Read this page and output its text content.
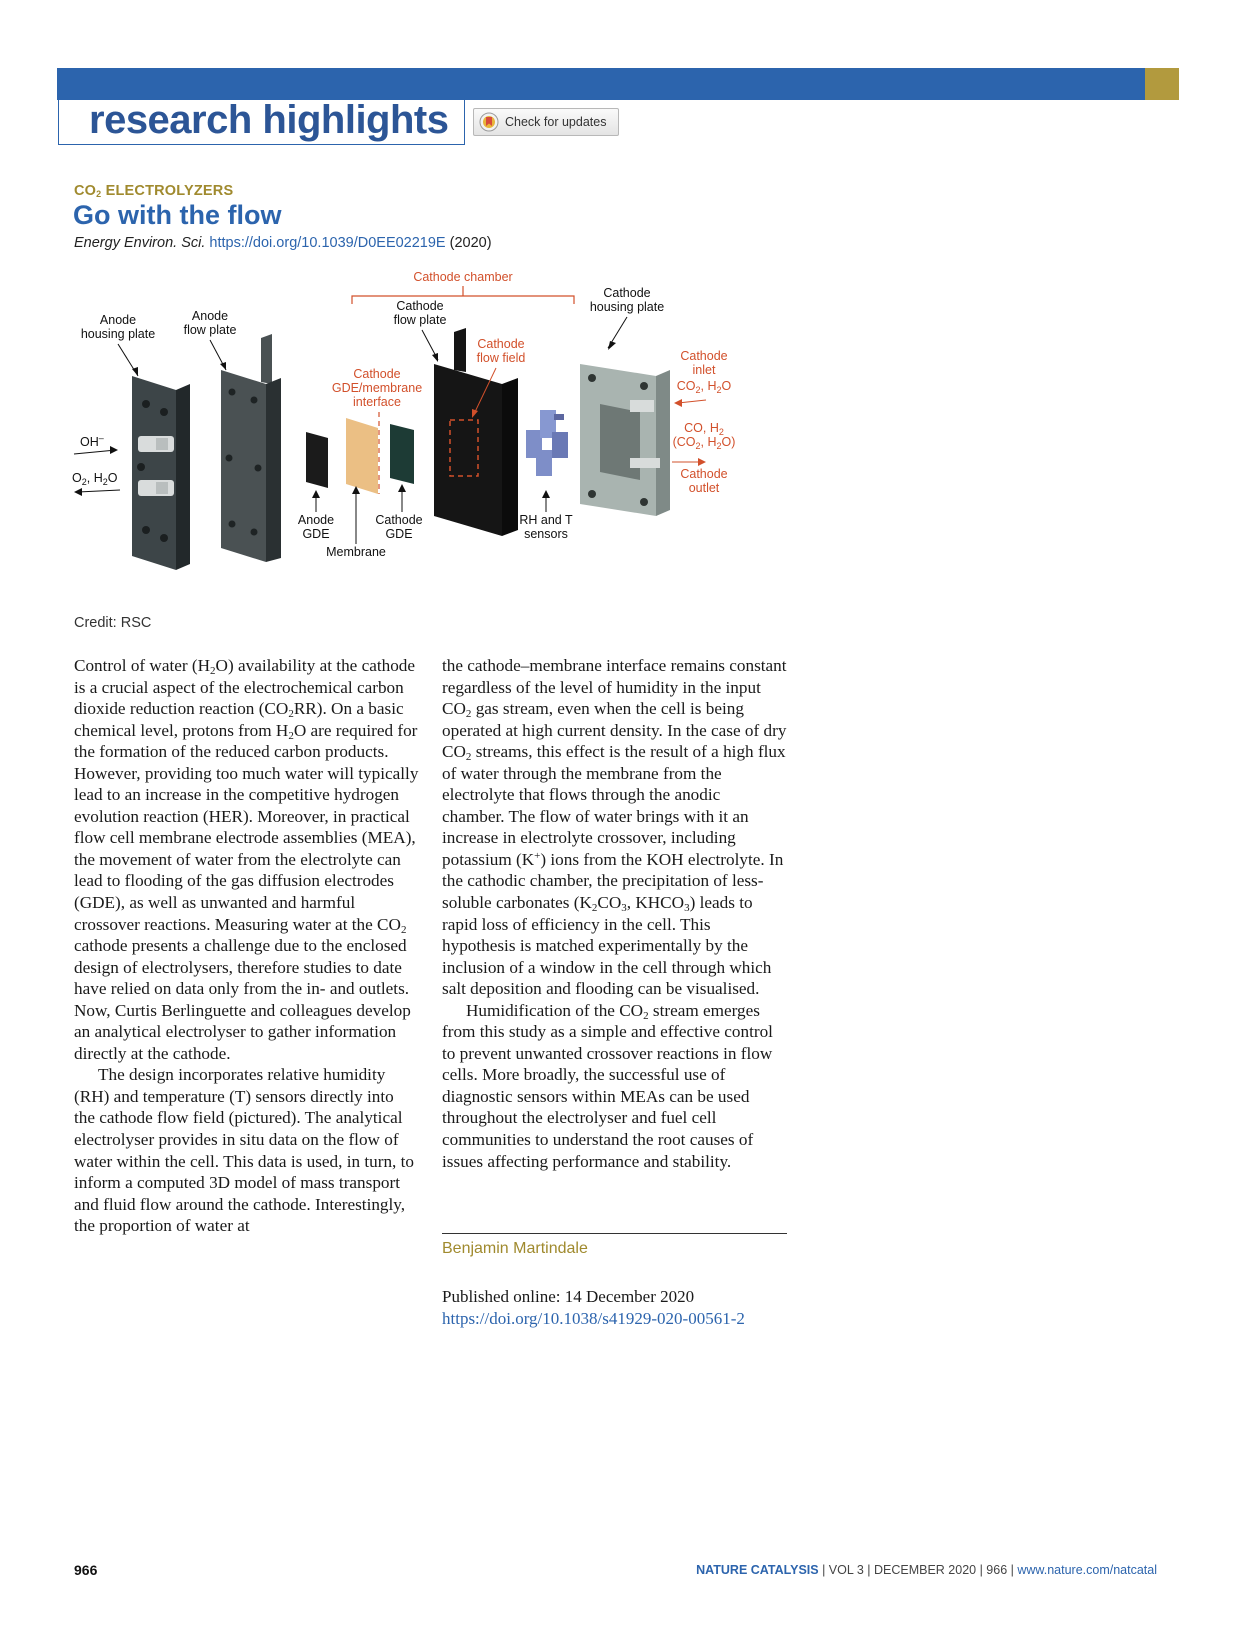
research highlights	Check for updates
$CO_2$ ELECTROLYZERS
Go with the flow
Energy Environ. Sci. https://doi.org/10.1039/D0EE02219E (2020)
Cathode chamber
Anode
housing plate
Anode
flow plate
Cathode
flow plate
Cathode
housing plate
Anode
GDE
Cathode
GDE
Membrane
RH and T
sensors
OH–
$O_2$, $H_2O$
Cathode
flow field
Cathode
GDE/membrane
interface
Cathode
inlet
$CO_2$, $H_2O$
CO, $H_2$
($CO_2$, $H_2O$)
Cathode
outlet
Credit: RSC

Control of water $(H_2O)$ availability at the cathode is a crucial aspect of the electrochemical carbon dioxide reduction reaction $(CO_2RR)$. On a basic chemical level, protons from $H_2O$ are required for the formation of the reduced carbon products. However, providing too much water will typically lead to an increase in the competitive hydrogen evolution reaction (HER). Moreover, in practical flow cell membrane electrode assemblies (MEA), the movement of water from the electrolyte can lead to flooding of the gas diffusion electrodes (GDE), as well as unwanted and harmful crossover reactions. Measuring water at the $CO_2$ cathode presents a challenge due to the enclosed design of electrolysers, therefore studies to date have relied on data only from the in- and outlets. Now, Curtis Berlinguette and colleagues develop an analytical electrolyser to gather information directly at the cathode.

The design incorporates relative humidity (RH) and temperature (T) sensors directly into the cathode flow field (pictured). The analytical electrolyser provides in situ data on the flow of water within the cell. This data is used, in turn, to inform a computed 3D model of mass transport and fluid flow around the cathode. Interestingly, the proportion of water at

the cathode–membrane interface remains constant regardless of the level of humidity in the input $CO_2$ gas stream, even when the cell is being operated at high current density. In the case of dry $CO_2$ streams, this effect is the result of a high flux of water through the membrane from the electrolyte that flows through the anodic chamber. The flow of water brings with it an increase in electrolyte crossover, including potassium (K+) ions from the KOH electrolyte. In the cathodic chamber, the precipitation of less-soluble carbonates ($K_2CO_3$, $KHCO_3$) leads to rapid loss of efficiency in the cell. This hypothesis is matched experimentally by the inclusion of a window in the cell through which salt deposition and flooding can be visualised.

Humidification of the $CO_2$ stream emerges from this study as a simple and effective control to prevent unwanted crossover reactions in flow cells. More broadly, the successful use of diagnostic sensors within MEAs can be used throughout the electrolyser and fuel cell communities to understand the root causes of issues affecting performance and stability.

Benjamin Martindale
Published online: 14 December 2020
https://doi.org/10.1038/s41929-020-00561-2
966	NATURE CATALYSIS | VOL 3 | DECEMBER 2020 | 966 | www.nature.com/natcatal
